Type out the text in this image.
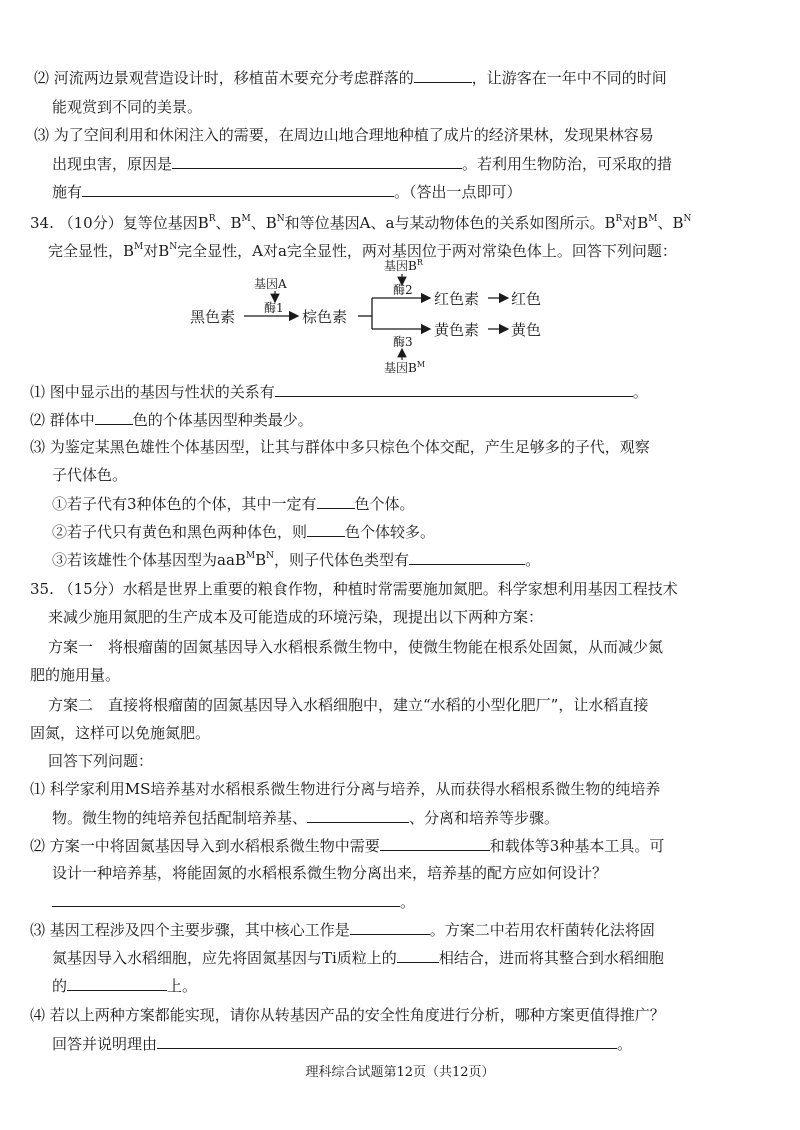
⑵ 河流两边景观营造设计时，移植苗木要充分考虑群落的	，让游客在一年中不同的时间
能观赏到不同的美景。
⑶ 为了空间利用和休闲注入的需要，在周边山地合理地种植了成片的经济果林，发现果林容易
出现虫害，原因是	。若利用生物防治，可采取的措
施有	。（答出一点即可）
34. （10分）复等位基因$B^R$、$B^M$、$B^N$和等位基因A、a与某动物体色的关系如图所示。$B^R$对$B^M$、$B^N$
完全显性，$B^M$对$B^N$完全显性，A对a完全显性，两对基因位于两对常染色体上。回答下列问题：
基因A
酶1
黑色素	棕色素
基因$B^R$
酶2 红色素 红色
黄色素 黄色
酶3
基因$B^M$
⑴ 图中显示出的基因与性状的关系有	。
⑵ 群体中	色的个体基因型种类最少。
⑶ 为鉴定某黑色雄性个体基因型，让其与群体中多只棕色个体交配，产生足够多的子代，观察
子代体色。
①若子代有3种体色的个体，其中一定有	色个体。
②若子代只有黄色和黑色两种体色，则	色个体较多。
③若该雄性个体基因型为$aaB^MB^N$，则子代体色类型有	。
35. （15分）水稻是世界上重要的粮食作物，种植时常需要施加氮肥。科学家想利用基因工程技术
来减少施用氮肥的生产成本及可能造成的环境污染，现提出以下两种方案：
方案一　将根瘤菌的固氮基因导入水稻根系微生物中，使微生物能在根系处固氮，从而减少氮
肥的施用量。
方案二　直接将根瘤菌的固氮基因导入水稻细胞中，建立“水稻的小型化肥厂”，让水稻直接
固氮，这样可以免施氮肥。
回答下列问题：
⑴ 科学家利用MS培养基对水稻根系微生物进行分离与培养，从而获得水稻根系微生物的纯培养
物。微生物的纯培养包括配制培养基、	、分离和培养等步骤。
⑵ 方案一中将固氮基因导入到水稻根系微生物中需要	和载体等3种基本工具。可
设计一种培养基，将能固氮的水稻根系微生物分离出来，培养基的配方应如何设计？
。
⑶ 基因工程涉及四个主要步骤，其中核心工作是	。方案二中若用农杆菌转化法将固
氮基因导入水稻细胞，应先将固氮基因与Ti质粒上的	相结合，进而将其整合到水稻细胞
的	上。
⑷ 若以上两种方案都能实现，请你从转基因产品的安全性角度进行分析，哪种方案更值得推广？
回答并说明理由	。
理科综合试题第12页（共12页）
